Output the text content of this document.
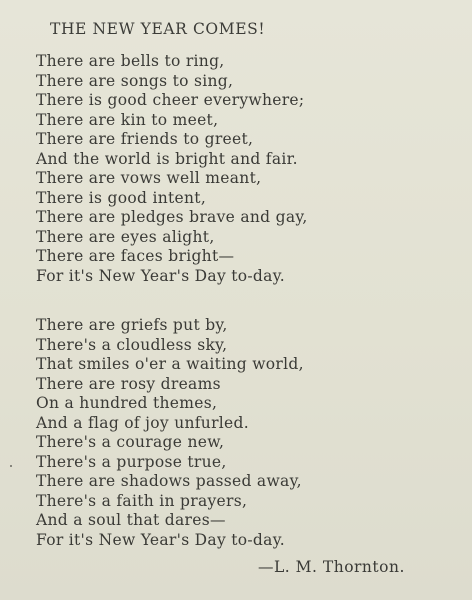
THE NEW YEAR COMES!
There are bells to ring,
There are songs to sing,
There is good cheer everywhere;
There are kin to meet,
There are friends to greet,
And the world is bright and fair.
There are vows well meant,
There is good intent,
There are pledges brave and gay,
There are eyes alight,
There are faces bright—
For it's New Year's Day to-day.
There are griefs put by,
There's a cloudless sky,
That smiles o'er a waiting world,
There are rosy dreams
On a hundred themes,
And a flag of joy unfurled.
There's a courage new,
There's a purpose true,
There are shadows passed away,
There's a faith in prayers,
And a soul that dares—
For it's New Year's Day to-day.
—L. M. Thornton.
